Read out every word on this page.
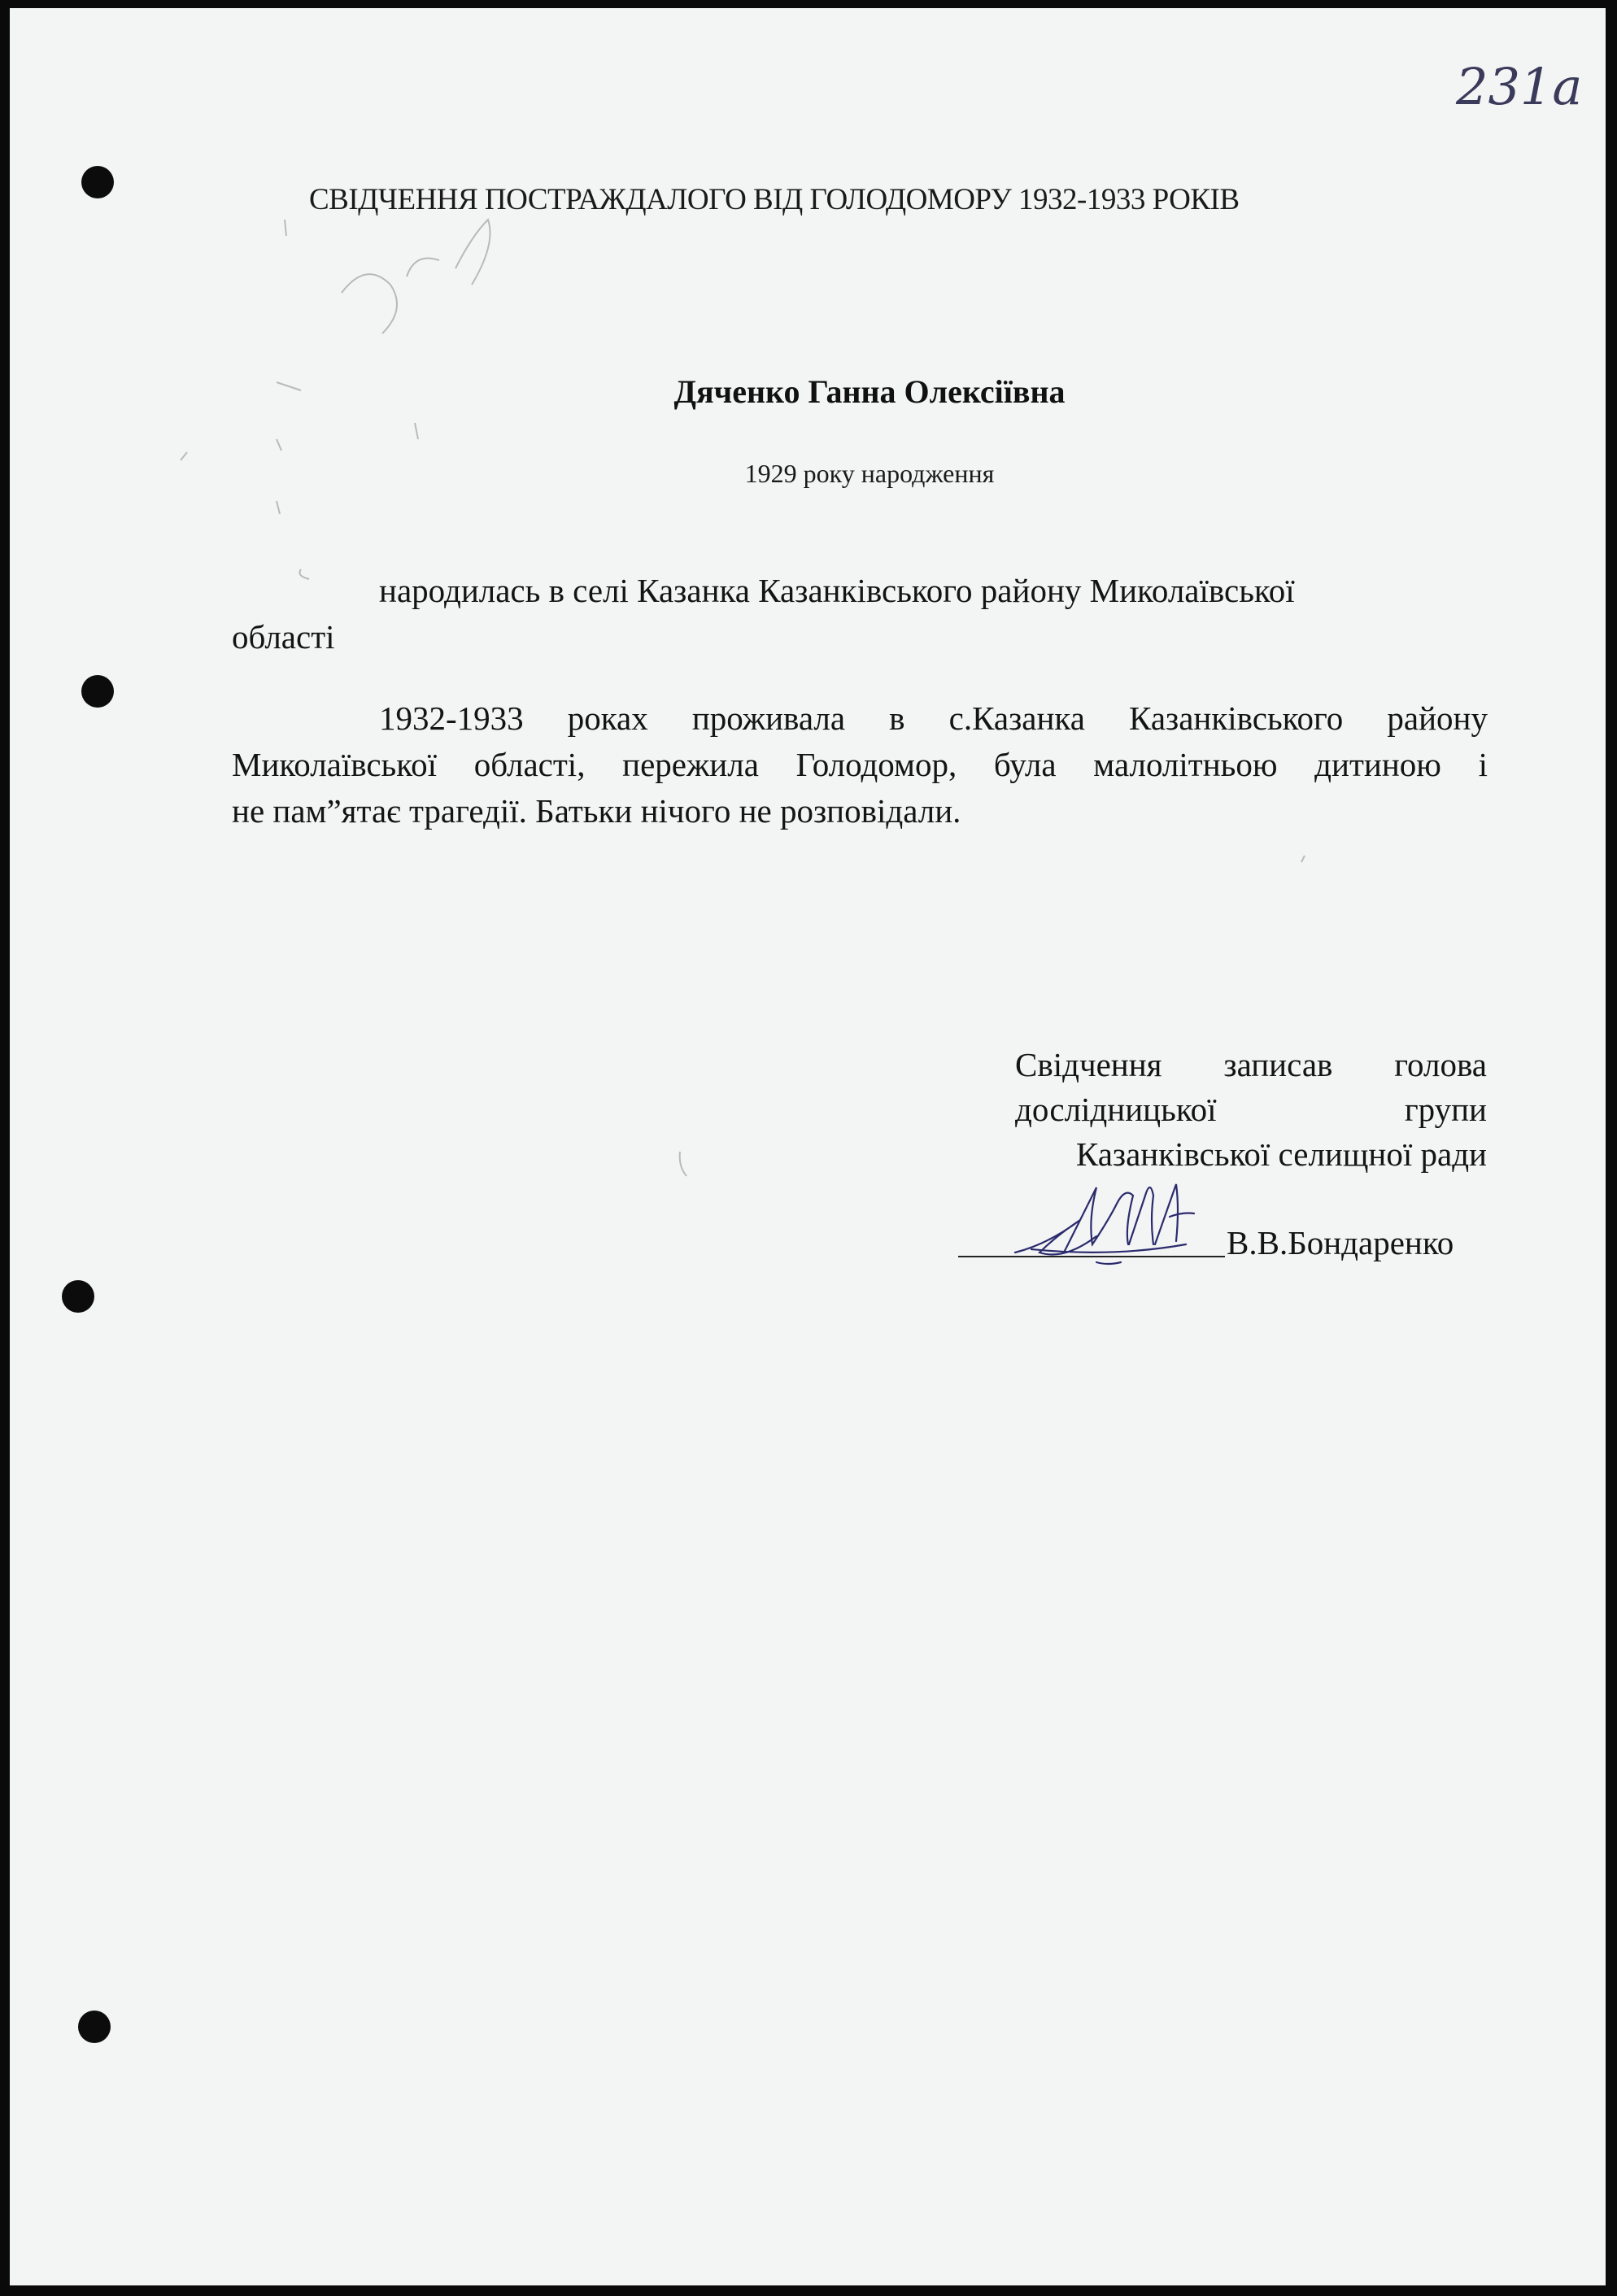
231a
СВІДЧЕННЯ ПОСТРАЖДАЛОГО ВІД ГОЛОДОМОРУ 1932-1933 РОКІВ
Дяченко Ганна Олексіївна
1929 року народження
народилась в селі Казанка Казанківського району Миколаївської
області
1932-1933 роках проживала в с.Казанка Казанківського району
Миколаївської області, пережила Голодомор, була малолітньою дитиною і
не пам”ятає трагедії. Батьки нічого не розповідали.
Свідчення записав голова
дослідницької групи
Казанківської селищної ради
В.В.Бондаренко
